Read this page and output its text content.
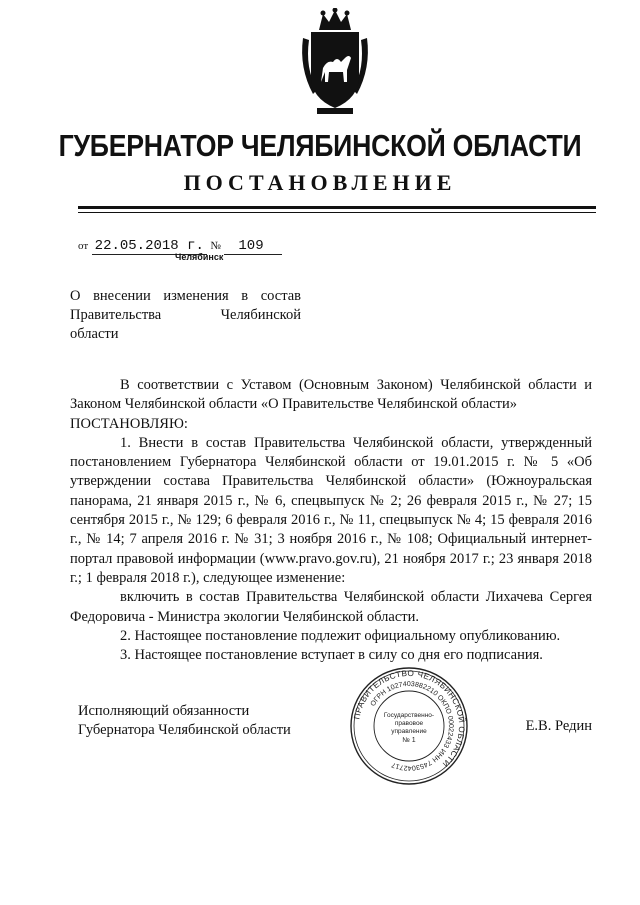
ГУБЕРНАТОР ЧЕЛЯБИНСКОЙ ОБЛАСТИ
ПОСТАНОВЛЕНИЕ
от 22.05.2018 г. № 109
Челябинск
О внесении изменения в состав
Правительства	Челябинской
области

В соответствии с Уставом (Основным Законом) Челябинской области и Законом Челябинской области «О Правительстве Челябинской области»

ПОСТАНОВЛЯЮ:

1. Внести в состав Правительства Челябинской области, утвержденный постановлением Губернатора Челябинской области от 19.01.2015 г. № 5 «Об утверждении состава Правительства Челябинской области» (Южноуральская панорама, 21 января 2015 г., № 6, спецвыпуск № 2; 26 февраля 2015 г., № 27; 15 сентября 2015 г., № 129; 6 февраля 2016 г., № 11, спецвыпуск № 4; 15 февраля 2016 г., № 14; 7 апреля 2016 г. № 31; 3 ноября 2016 г., № 108; Официальный интернет-портал правовой информации (www.pravo.gov.ru), 21 ноября 2017 г.; 23 января 2018 г.; 1 февраля 2018 г.), следующее изменение:

включить в состав Правительства Челябинской области Лихачева Сергея Федоровича - Министра экологии Челябинской области.

2. Настоящее постановление подлежит официальному опубликованию.

3. Настоящее постановление вступает в силу со дня его подписания.

Исполняющий обязанности
Губернатора Челябинской области
ПРАВИТЕЛЬСТВО ЧЕЛЯБИНСКОЙ ОБЛАСТИ
ОГРН 1027403882210 ОКПО 00022433 ИНН 7453042717
Государственно-
правовое
управление
№ 1
Е.В. Редин
